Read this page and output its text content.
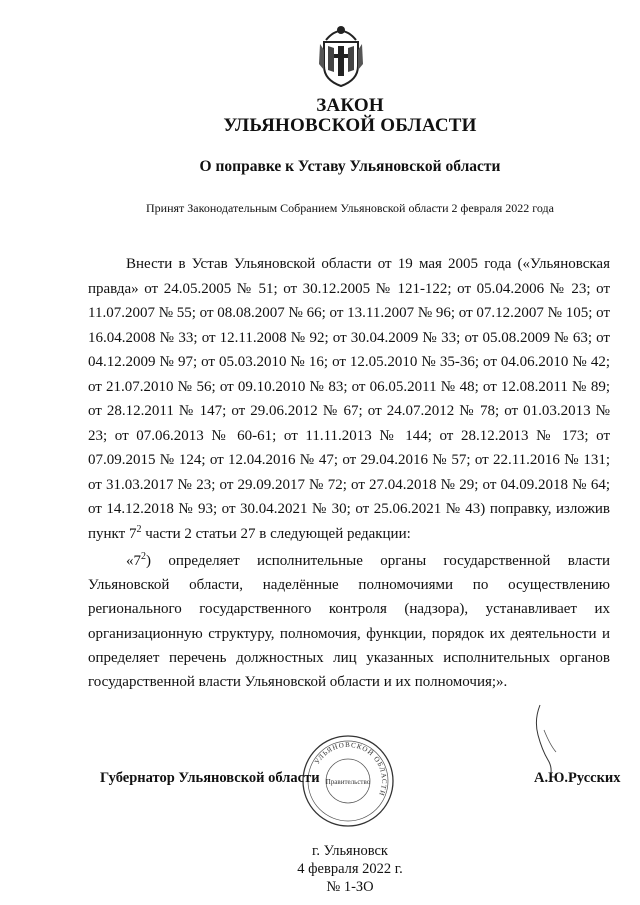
ЗАКОН
УЛЬЯНОВСКОЙ ОБЛАСТИ
О поправке к Уставу Ульяновской области
Принят Законодательным Собранием Ульяновской области 2 февраля 2022 года

Внести в Устав Ульяновской области от 19 мая 2005 года («Ульяновская правда» от 24.05.2005 № 51; от 30.12.2005 № 121-122; от 05.04.2006 № 23; от 11.07.2007 № 55; от 08.08.2007 № 66; от 13.11.2007 № 96; от 07.12.2007 № 105; от 16.04.2008 № 33; от 12.11.2008 № 92; от 30.04.2009 № 33; от 05.08.2009 № 63; от 04.12.2009 № 97; от 05.03.2010 № 16; от 12.05.2010 № 35-36; от 04.06.2010 № 42; от 21.07.2010 № 56; от 09.10.2010 № 83; от 06.05.2011 № 48; от 12.08.2011 № 89; от 28.12.2011 № 147; от 29.06.2012 № 67; от 24.07.2012 № 78; от 01.03.2013 № 23; от 07.06.2013 № 60-61; от 11.11.2013 № 144; от 28.12.2013 № 173; от 07.09.2015 № 124; от 12.04.2016 № 47; от 29.04.2016 № 57; от 22.11.2016 № 131; от 31.03.2017 № 23; от 29.09.2017 № 72; от 27.04.2018 № 29; от 04.09.2018 № 64; от 14.12.2018 № 93; от 30.04.2021 № 30; от 25.06.2021 № 43) поправку, изложив пункт $7^2$ части 2 статьи 27 в следующей редакции:

«$7^2$) определяет исполнительные органы государственной власти Ульяновской области, наделённые полномочиями по осуществлению регионального государственного контроля (надзора), устанавливает их организационную структуру, полномочия, функции, порядок их деятельности и определяет перечень должностных лиц указанных исполнительных органов государственной власти Ульяновской области и их полномочия;».

УЛЬЯНОВСКОЙ ОБЛАСТИ
Правительство
Губернатор Ульяновской области	А.Ю.Русских
г. Ульяновск
4 февраля 2022 г.
№ 1-ЗО
